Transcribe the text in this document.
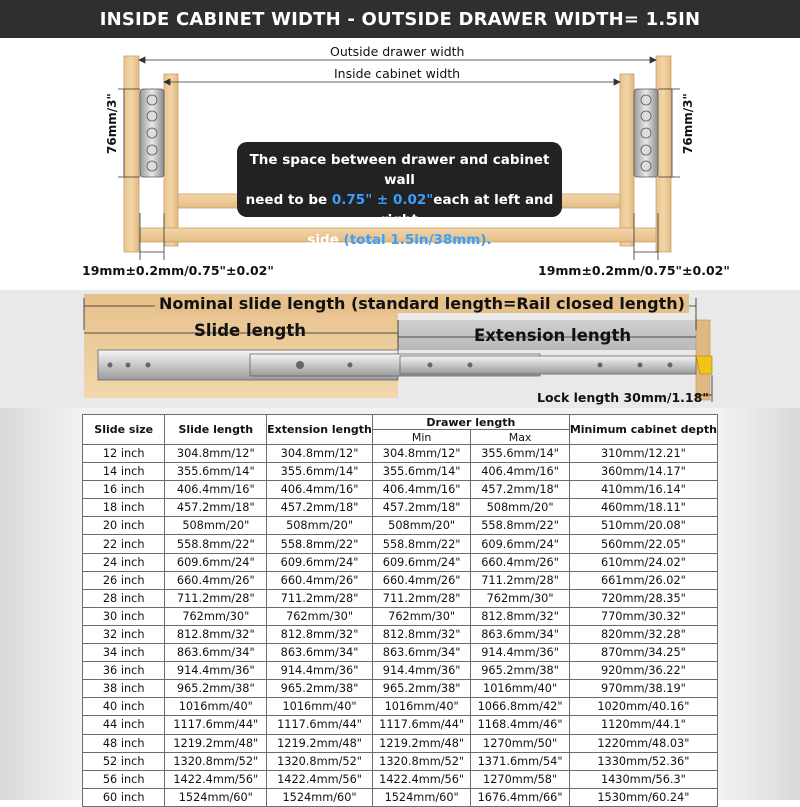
INSIDE CABINET WIDTH - OUTSIDE DRAWER WIDTH= 1.5IN
Outside drawer width
Inside cabinet width
76mm/3"	76mm/3"
19mm±0.2mm/0.75"±0.02"	19mm±0.2mm/0.75"±0.02"
The space between drawer and cabinet wall
need to be 0.75" ± 0.02"each at left and right
side (total 1.5in/38mm).
Nominal slide length (standard length=Rail closed length)
Slide length	Extension length
Lock length 30mm/1.18"
Slide size	Slide length	Extension length	Drawer length		Minimum cabinet depth
			Min	Max	
12 inch	304.8mm/12"	304.8mm/12"	304.8mm/12"	355.6mm/14"	310mm/12.21"
14 inch	355.6mm/14"	355.6mm/14"	355.6mm/14"	406.4mm/16"	360mm/14.17"
16 inch	406.4mm/16"	406.4mm/16"	406.4mm/16"	457.2mm/18"	410mm/16.14"
18 inch	457.2mm/18"	457.2mm/18"	457.2mm/18"	508mm/20"	460mm/18.11"
20 inch	508mm/20"	508mm/20"	508mm/20"	558.8mm/22"	510mm/20.08"
22 inch	558.8mm/22"	558.8mm/22"	558.8mm/22"	609.6mm/24"	560mm/22.05"
24 inch	609.6mm/24"	609.6mm/24"	609.6mm/24"	660.4mm/26"	610mm/24.02"
26 inch	660.4mm/26"	660.4mm/26"	660.4mm/26"	711.2mm/28"	661mm/26.02"
28 inch	711.2mm/28"	711.2mm/28"	711.2mm/28"	762mm/30"	720mm/28.35"
30 inch	762mm/30"	762mm/30"	762mm/30"	812.8mm/32"	770mm/30.32"
32 inch	812.8mm/32"	812.8mm/32"	812.8mm/32"	863.6mm/34"	820mm/32.28"
34 inch	863.6mm/34"	863.6mm/34"	863.6mm/34"	914.4mm/36"	870mm/34.25"
36 inch	914.4mm/36"	914.4mm/36"	914.4mm/36"	965.2mm/38"	920mm/36.22"
38 inch	965.2mm/38"	965.2mm/38"	965.2mm/38"	1016mm/40"	970mm/38.19"
40 inch	1016mm/40"	1016mm/40"	1016mm/40"	1066.8mm/42"	1020mm/40.16"
44 inch	1117.6mm/44"	1117.6mm/44"	1117.6mm/44"	1168.4mm/46"	1120mm/44.1"
48 inch	1219.2mm/48"	1219.2mm/48"	1219.2mm/48"	1270mm/50"	1220mm/48.03"
52 inch	1320.8mm/52"	1320.8mm/52"	1320.8mm/52"	1371.6mm/54"	1330mm/52.36"
56 inch	1422.4mm/56"	1422.4mm/56"	1422.4mm/56"	1270mm/58"	1430mm/56.3"
60 inch	1524mm/60"	1524mm/60"	1524mm/60"	1676.4mm/66"	1530mm/60.24"
